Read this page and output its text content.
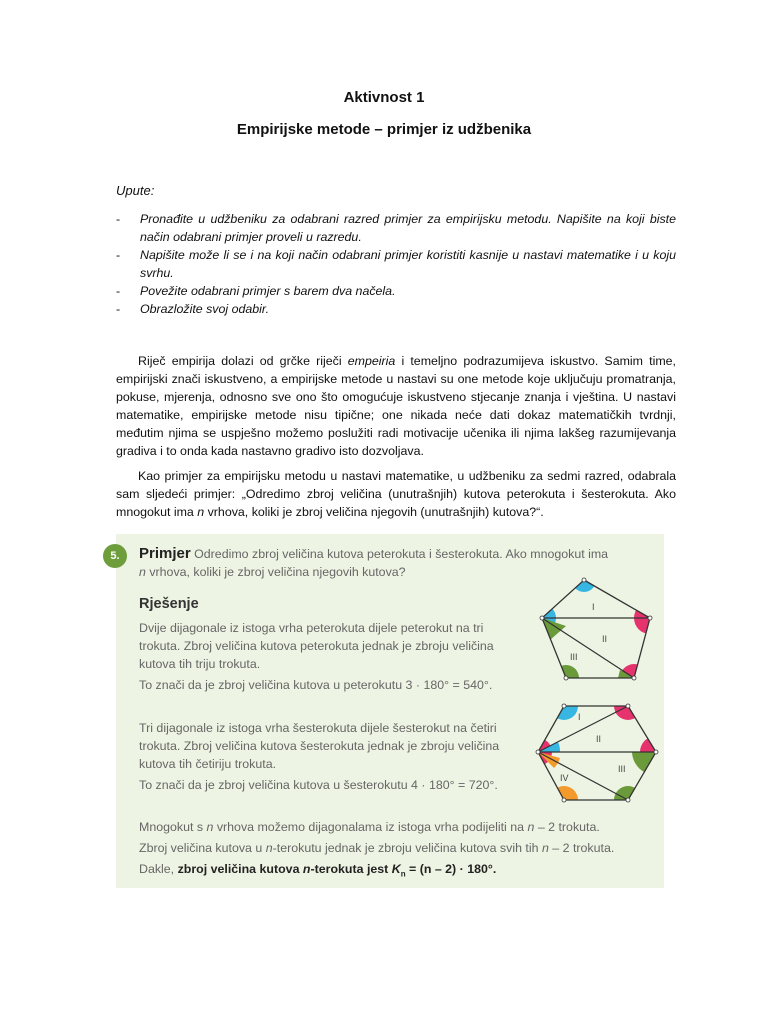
Aktivnost 1
Empirijske metode – primjer iz udžbenika
Upute:
- Pronađite u udžbeniku za odabrani razred primjer za empirijsku metodu. Napišite na koji biste način odabrani primjer proveli u razredu.
- Napišite može li se i na koji način odabrani primjer koristiti kasnije u nastavi matematike i u koju svrhu.
- Povežite odabrani primjer s barem dva načela.
- Obrazložite svoj odabir.

Riječ empirija dolazi od grčke riječi empeiria i temeljno podrazumijeva iskustvo. Samim time, empirijski znači iskustveno, a empirijske metode u nastavi su one metode koje uključuju promatranja, pokuse, mjerenja, odnosno sve ono što omogućuje iskustveno stjecanje znanja i vještina. U nastavi matematike, empirijske metode nisu tipične; one nikada neće dati dokaz matematičkih tvrdnji, međutim njima se uspješno možemo poslužiti radi motivacije učenika ili njima lakšeg razumijevanja gradiva i to onda kada nastavno gradivo isto dozvoljava.

Kao primjer za empirijsku metodu u nastavi matematike, u udžbeniku za sedmi razred, odabrala sam sljedeći primjer: „Odredimo zbroj veličina (unutrašnjih) kutova peterokuta i šesterokuta. Ako mnogokut ima n vrhova, koliki je zbroj veličina njegovih (unutrašnjih) kutova?“.

5.	Primjer Odredimo zbroj veličina kutova peterokuta i šesterokuta. Ako mnogokut ima
n vrhova, koliki je zbroj veličina njegovih kutova?
Rješenje
Dvije dijagonale iz istoga vrha peterokuta dijele peterokut na tri
trokuta. Zbroj veličina kutova peterokuta jednak je zbroju veličina
kutova tih triju trokuta.
To znači da je zbroj veličina kutova u peterokutu 3 · 180° = 540°.
Tri dijagonale iz istoga vrha šesterokuta dijele šesterokut na četiri
trokuta. Zbroj veličina kutova šesterokuta jednak je zbroju veličina
kutova tih četiriju trokuta.
To znači da je zbroj veličina kutova u šesterokutu 4 · 180° = 720°.
Mnogokut s n vrhova možemo dijagonalama iz istoga vrha podijeliti na n – 2 trokuta.
Zbroj veličina kutova u n-terokutu jednak je zbroju veličina kutova svih tih n – 2 trokuta.
Dakle, zbroj veličina kutova n-terokuta jest $K_n = (n - 2) \cdot 180^\circ$.
I
II
III
I
II
III
IV
